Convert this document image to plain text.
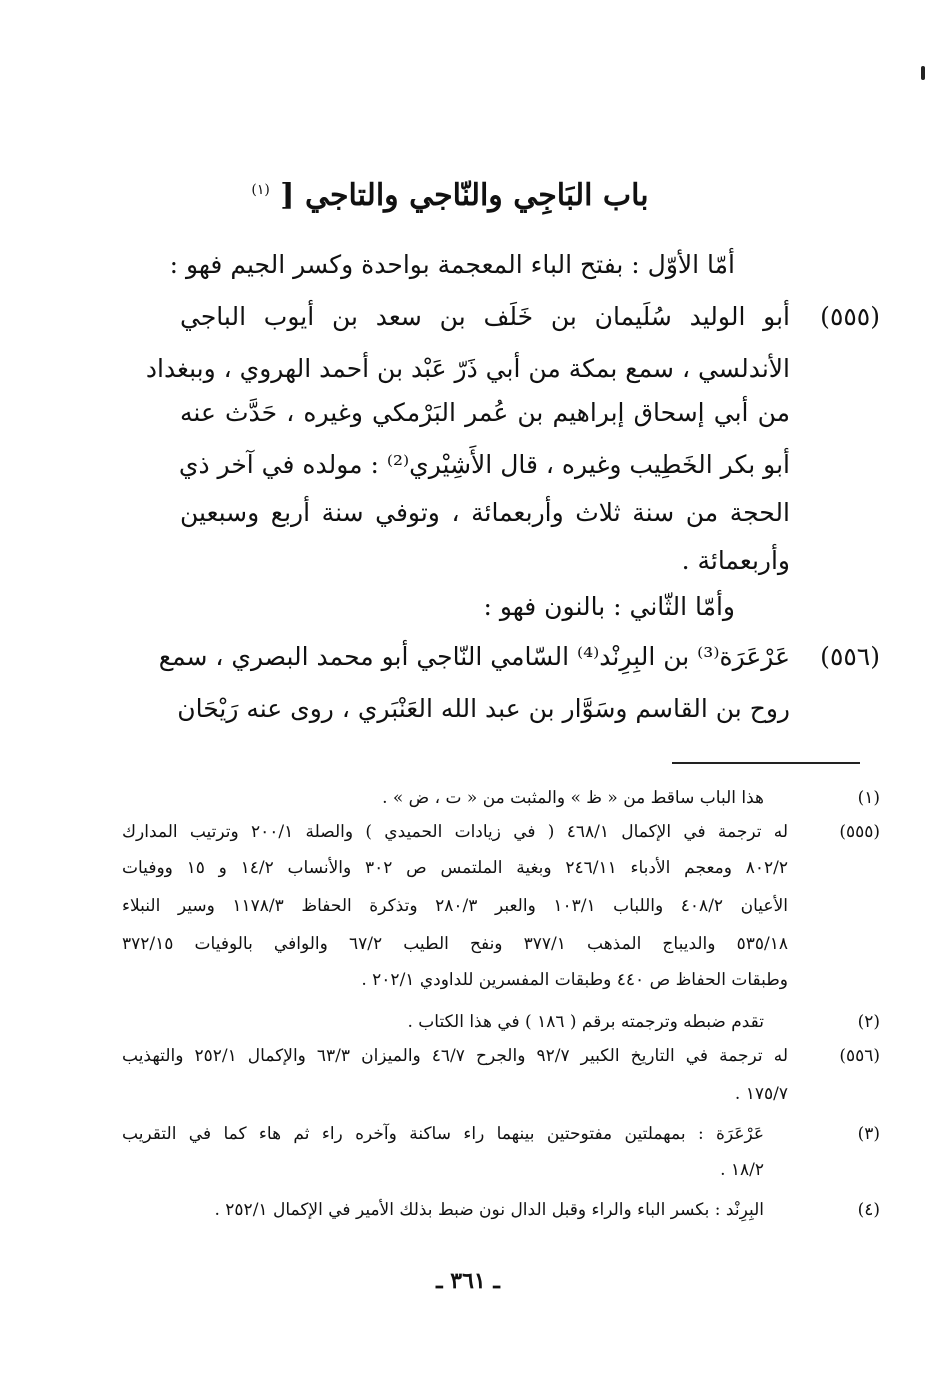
باب البَاجِي والنّاجي والتاجي [ $^{(١)}$
أمّا الأوّل : بفتح الباء المعجمة بواحدة وكسر الجيم فهو :
(٥٥٥)
أبو الوليد سُلَيمان بن خَلَف بن سعد بن أيوب الباجي
الأندلسي ، سمع بمكة من أبي ذَرّ عَبْد بن أحمد الهروي ، وببغداد
من أبي إسحاق إبراهيم بن عُمر البَرْمكي وغيره ، حَدَّث عنه
أبو بكر الخَطِيب وغيره ، قال الأَشِيْري⁽²⁾ : مولده في آخر ذي
الحجة من سنة ثلاث وأربعمائة ، وتوفي سنة أربع وسبعين
وأربعمائة .
وأمّا الثّاني : بالنون فهو :
(٥٥٦)
عَرْعَرَة⁽³⁾ بن البِرِنْد⁽⁴⁾ السّامي النّاجي أبو محمد البصري ، سمع
روح بن القاسم وسَوَّار بن عبد الله العَنْبَري ، روى عنه رَيْحَان
(١)
هذا الباب ساقط من « ظ » والمثبت من « ت ، ض » .
(٥٥٥)
له ترجمة في الإكمال ٤٦٨/١ ( في زيادات الحميدي ) والصلة ٢٠٠/١ وترتيب المدارك
٨٠٢/٢ ومعجم الأدباء ٢٤٦/١١ وبغية الملتمس ص ٣٠٢ والأنساب ١٤/٢ و ١٥ ووفيات
الأعيان ٤٠٨/٢ واللباب ١٠٣/١ والعبر ٢٨٠/٣ وتذكرة الحفاظ ١١٧٨/٣ وسير النبلاء
٥٣٥/١٨ والديباج المذهب ٣٧٧/١ ونفح الطيب ٦٧/٢ والوافي بالوفيات ٣٧٢/١٥
وطبقات الحفاظ ص ٤٤٠ وطبقات المفسرين للداودي ٢٠٢/١ .
(٢)
تقدم ضبطه وترجمته برقم ( ١٨٦ ) في هذا الكتاب .
(٥٥٦)
له ترجمة في التاريخ الكبير ٩٢/٧ والجرح ٤٦/٧ والميزان ٦٣/٣ والإكمال ٢٥٢/١ والتهذيب
١٧٥/٧ .
(٣)
عَرْعَرَة : بمهملتين مفتوحتين بينهما راء ساكنة وآخره راء ثم هاء كما في التقريب
١٨/٢ .
(٤)
البِرِنْد : بكسر الباء والراء وقبل الدال نون ضبط بذلك الأمير في الإكمال ٢٥٢/١ .
ـ ٣٦١ ـ
